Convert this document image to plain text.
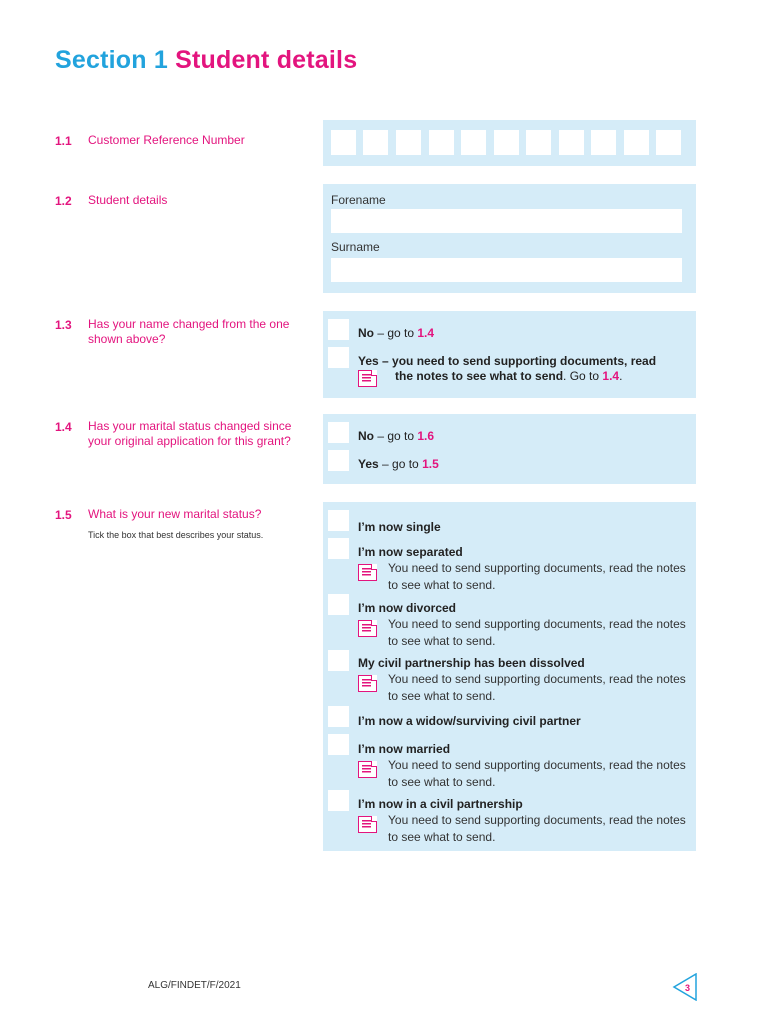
Section 1 Student details
1.1 Customer Reference Number
1.2 Student details	Forename
Surname
1.3 Has your name changed from the one shown above?	No – go to 1.4
Yes – you need to send supporting documents, read
the notes to see what to send. Go to 1.4.
1.4 Has your marital status changed since your original application for this grant?	No – go to 1.6
Yes – go to 1.5
1.5 What is your new marital status?
Tick the box that best describes your status.
I’m now single
I’m now separated
You need to send supporting documents, read the notes to see what to send.
I’m now divorced
You need to send supporting documents, read the notes to see what to send.
My civil partnership has been dissolved
You need to send supporting documents, read the notes to see what to send.
I’m now a widow/surviving civil partner
I’m now married
You need to send supporting documents, read the notes to see what to send.
I’m now in a civil partnership
You need to send supporting documents, read the notes to see what to send.
ALG/FINDET/F/2021	3
